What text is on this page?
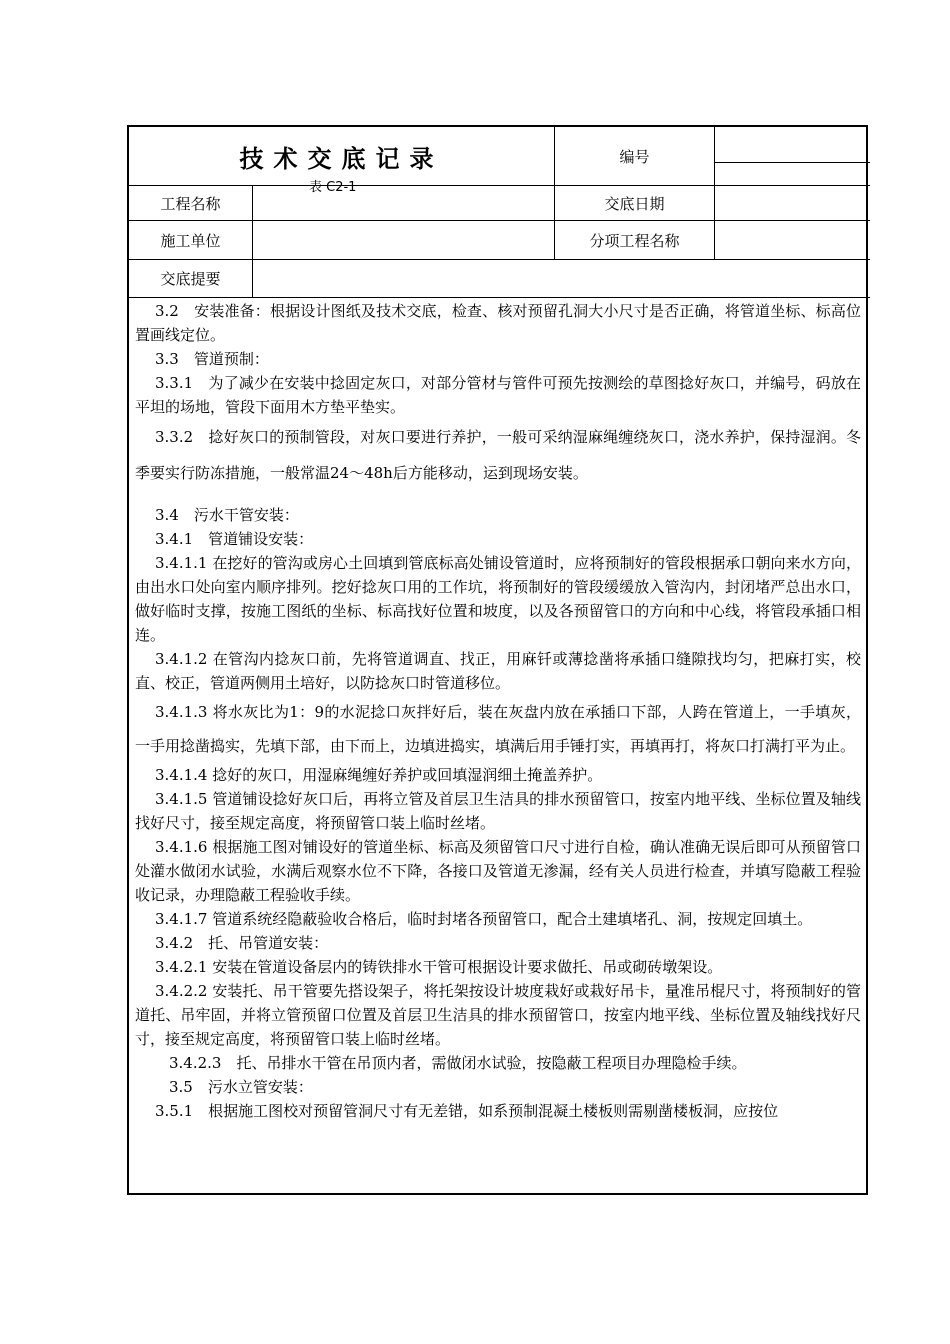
技术交底记录
表 C2-1
编号
工程名称	交底日期
施工单位	分项工程名称
交底提要

3.2　安装准备：根据设计图纸及技术交底，检查、核对预留孔洞大小尺寸是否正确，将管道坐标、标高位置画线定位。

3.3　管道预制：

3.3.1　为了减少在安装中捻固定灰口，对部分管材与管件可预先按测绘的草图捻好灰口，并编号，码放在平坦的场地，管段下面用木方垫平垫实。

3.3.2　捻好灰口的预制管段，对灰口要进行养护，一般可采纳湿麻绳缠绕灰口，浇水养护，保持湿润。冬季要实行防冻措施，一般常温24～48h后方能移动，运到现场安装。

3.4　污水干管安装：

3.4.1　管道铺设安装：

3.4.1.1 在挖好的管沟或房心土回填到管底标高处铺设管道时，应将预制好的管段根据承口朝向来水方向，由出水口处向室内顺序排列。挖好捻灰口用的工作坑，将预制好的管段缓缓放入管沟内，封闭堵严总出水口，做好临时支撑，按施工图纸的坐标、标高找好位置和坡度，以及各预留管口的方向和中心线，将管段承插口相连。

3.4.1.2 在管沟内捻灰口前，先将管道调直、找正，用麻钎或薄捻凿将承插口缝隙找均匀，把麻打实，校直、校正，管道两侧用土培好，以防捻灰口时管道移位。

3.4.1.3 将水灰比为1：9的水泥捻口灰拌好后，装在灰盘内放在承插口下部，人跨在管道上，一手填灰，一手用捻凿捣实，先填下部，由下而上，边填进捣实，填满后用手锤打实，再填再打，将灰口打满打平为止。

3.4.1.4 捻好的灰口，用湿麻绳缠好养护或回填湿润细土掩盖养护。

3.4.1.5 管道铺设捻好灰口后，再将立管及首层卫生洁具的排水预留管口，按室内地平线、坐标位置及轴线找好尺寸，接至规定高度，将预留管口装上临时丝堵。

3.4.1.6 根据施工图对铺设好的管道坐标、标高及须留管口尺寸进行自检，确认准确无误后即可从预留管口处灌水做闭水试验，水满后观察水位不下降，各接口及管道无渗漏，经有关人员进行检查，并填写隐蔽工程验收记录，办理隐蔽工程验收手续。

3.4.1.7 管道系统经隐蔽验收合格后，临时封堵各预留管口，配合土建填堵孔、洞，按规定回填土。

3.4.2　托、吊管道安装：

3.4.2.1 安装在管道设备层内的铸铁排水干管可根据设计要求做托、吊或砌砖墩架设。

3.4.2.2 安装托、吊干管要先搭设架子，将托架按设计坡度栽好或栽好吊卡，量准吊棍尺寸，将预制好的管道托、吊牢固，并将立管预留口位置及首层卫生洁具的排水预留管口，按室内地平线、坐标位置及轴线找好尺寸，接至规定高度，将预留管口装上临时丝堵。

3.4.2.3　托、吊排水干管在吊顶内者，需做闭水试验，按隐蔽工程项目办理隐检手续。

3.5　污水立管安装：

3.5.1　根据施工图校对预留管洞尺寸有无差错，如系预制混凝土楼板则需剔凿楼板洞，应按位
